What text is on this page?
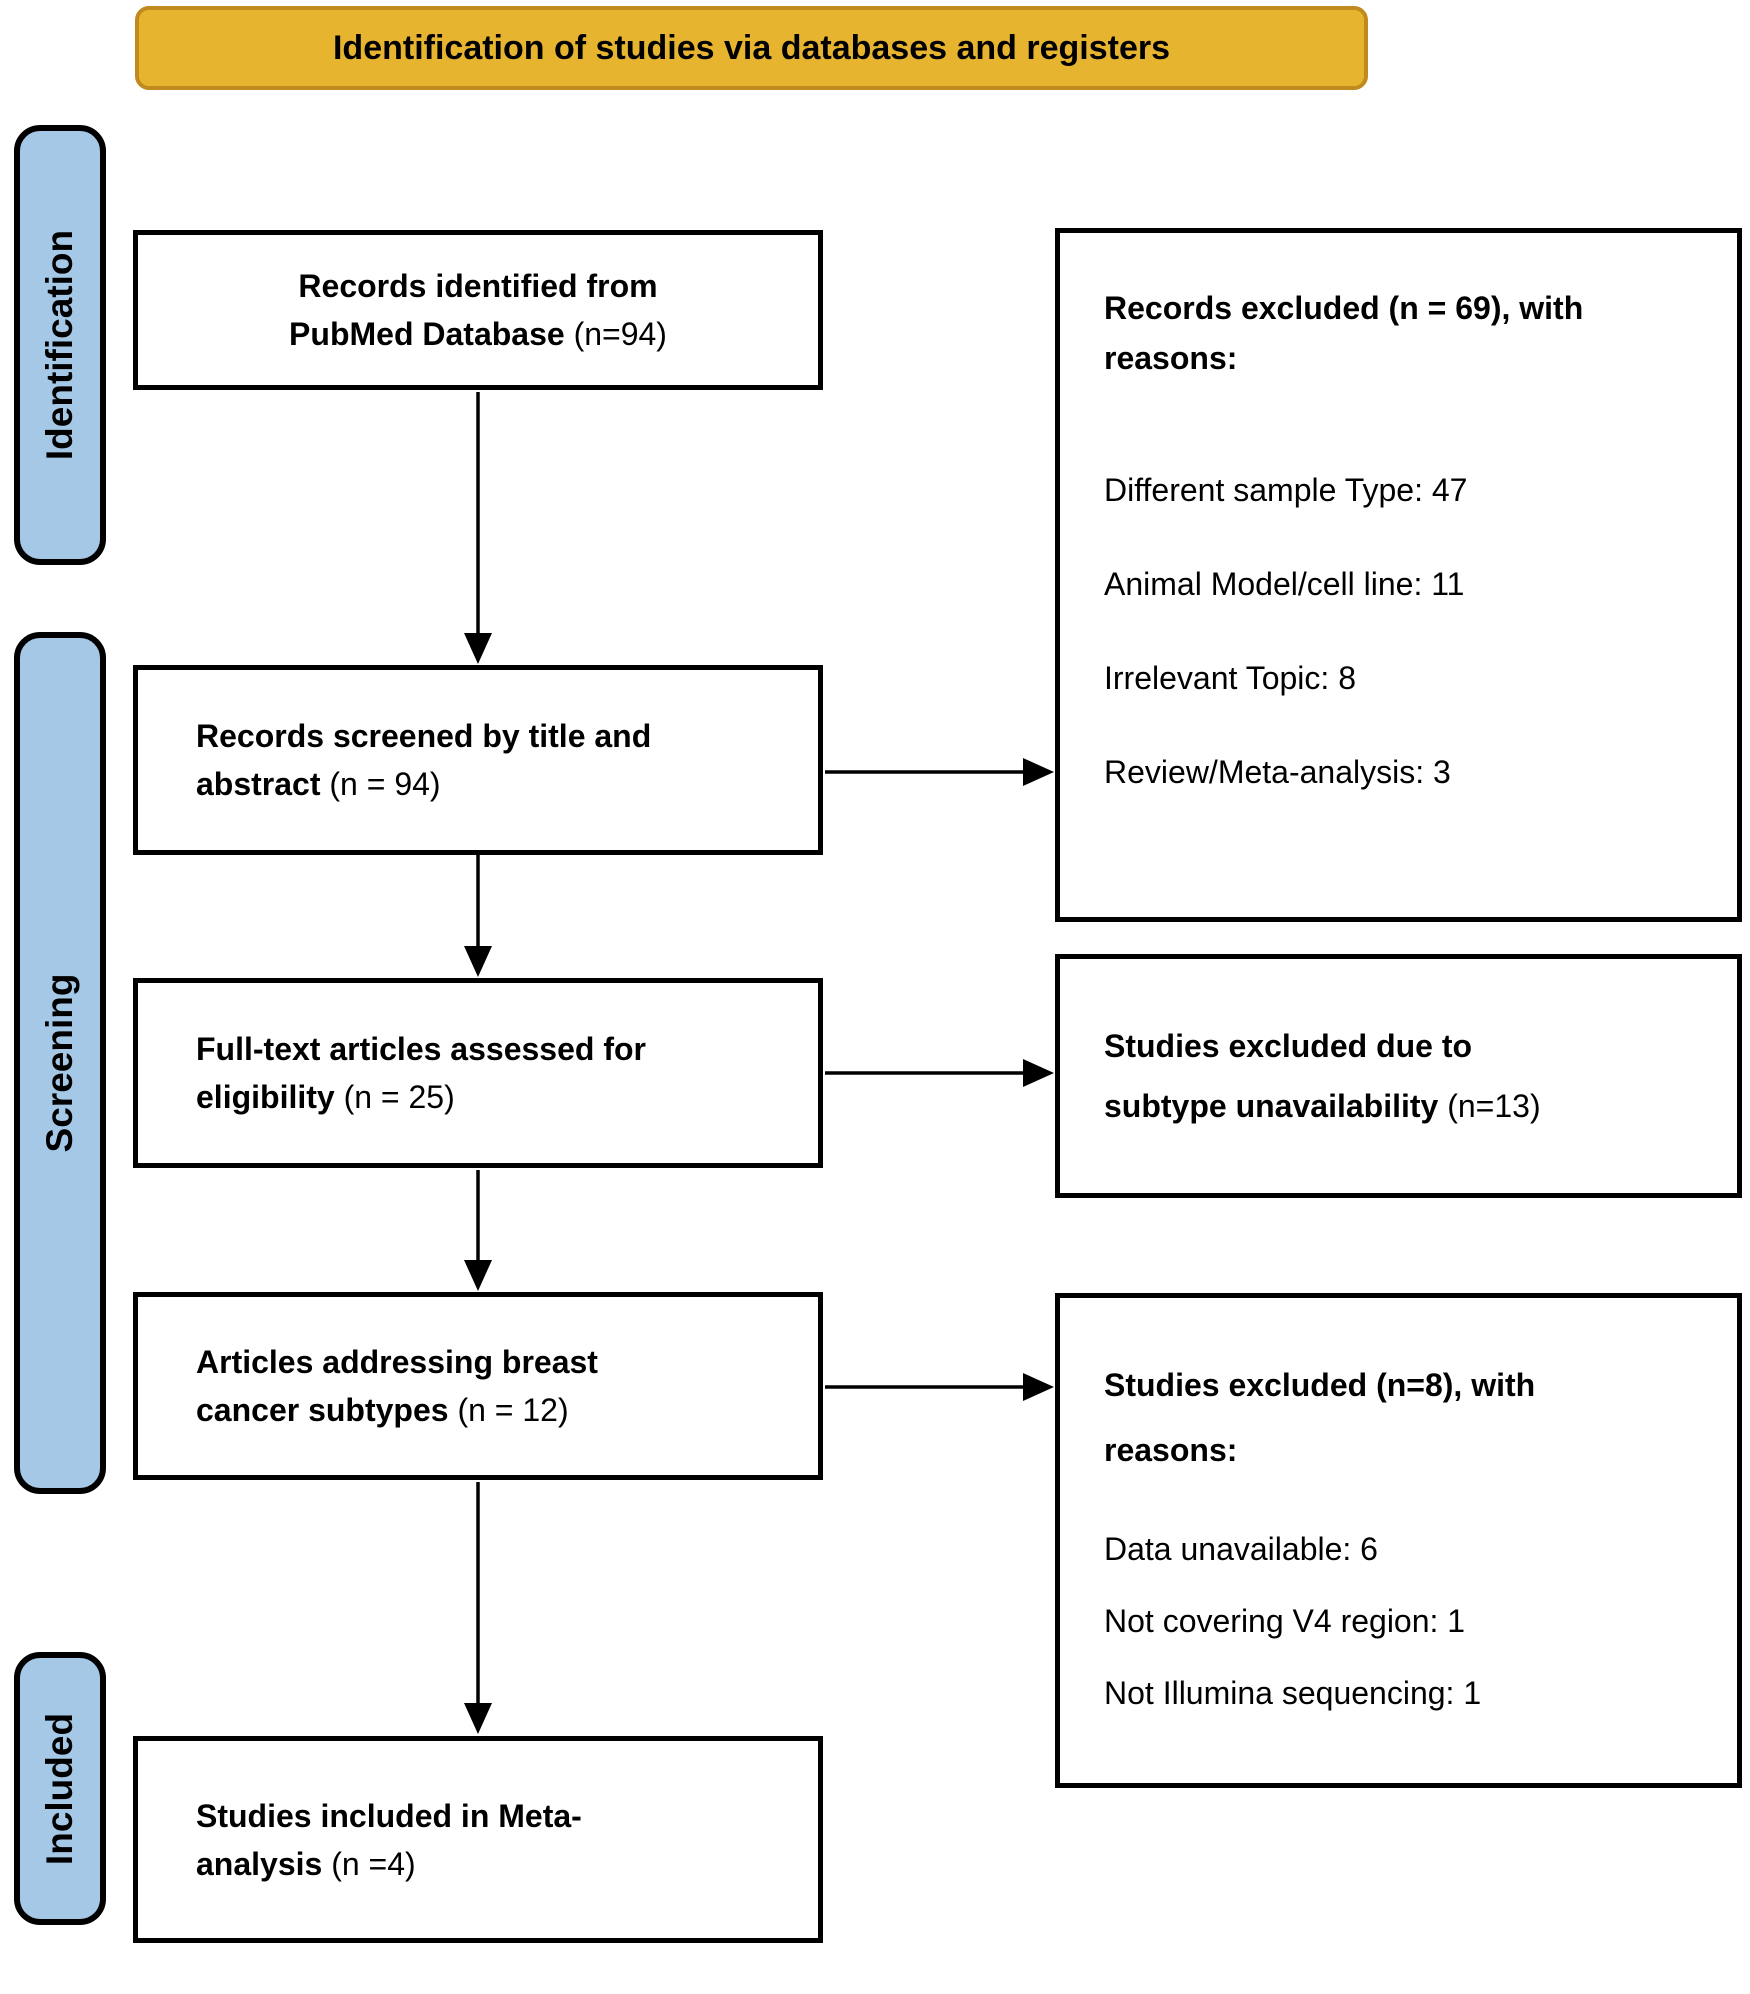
Identification of studies via databases and registers
Identification
Screening
Included
Records identified from
PubMed Database (n=94)
Records screened by title and
abstract (n = 94)
Full-text articles assessed for
eligibility (n = 25)
Articles addressing breast
cancer subtypes (n = 12)
Studies included in Meta-
analysis (n =4)
Records excluded (n = 69), with
reasons:
Different sample Type: 47
Animal Model/cell line: 11
Irrelevant Topic: 8
Review/Meta-analysis: 3
Studies excluded due to
subtype unavailability (n=13)
Studies excluded (n=8), with
reasons:
Data unavailable: 6
Not covering V4 region: 1
Not Illumina sequencing: 1
